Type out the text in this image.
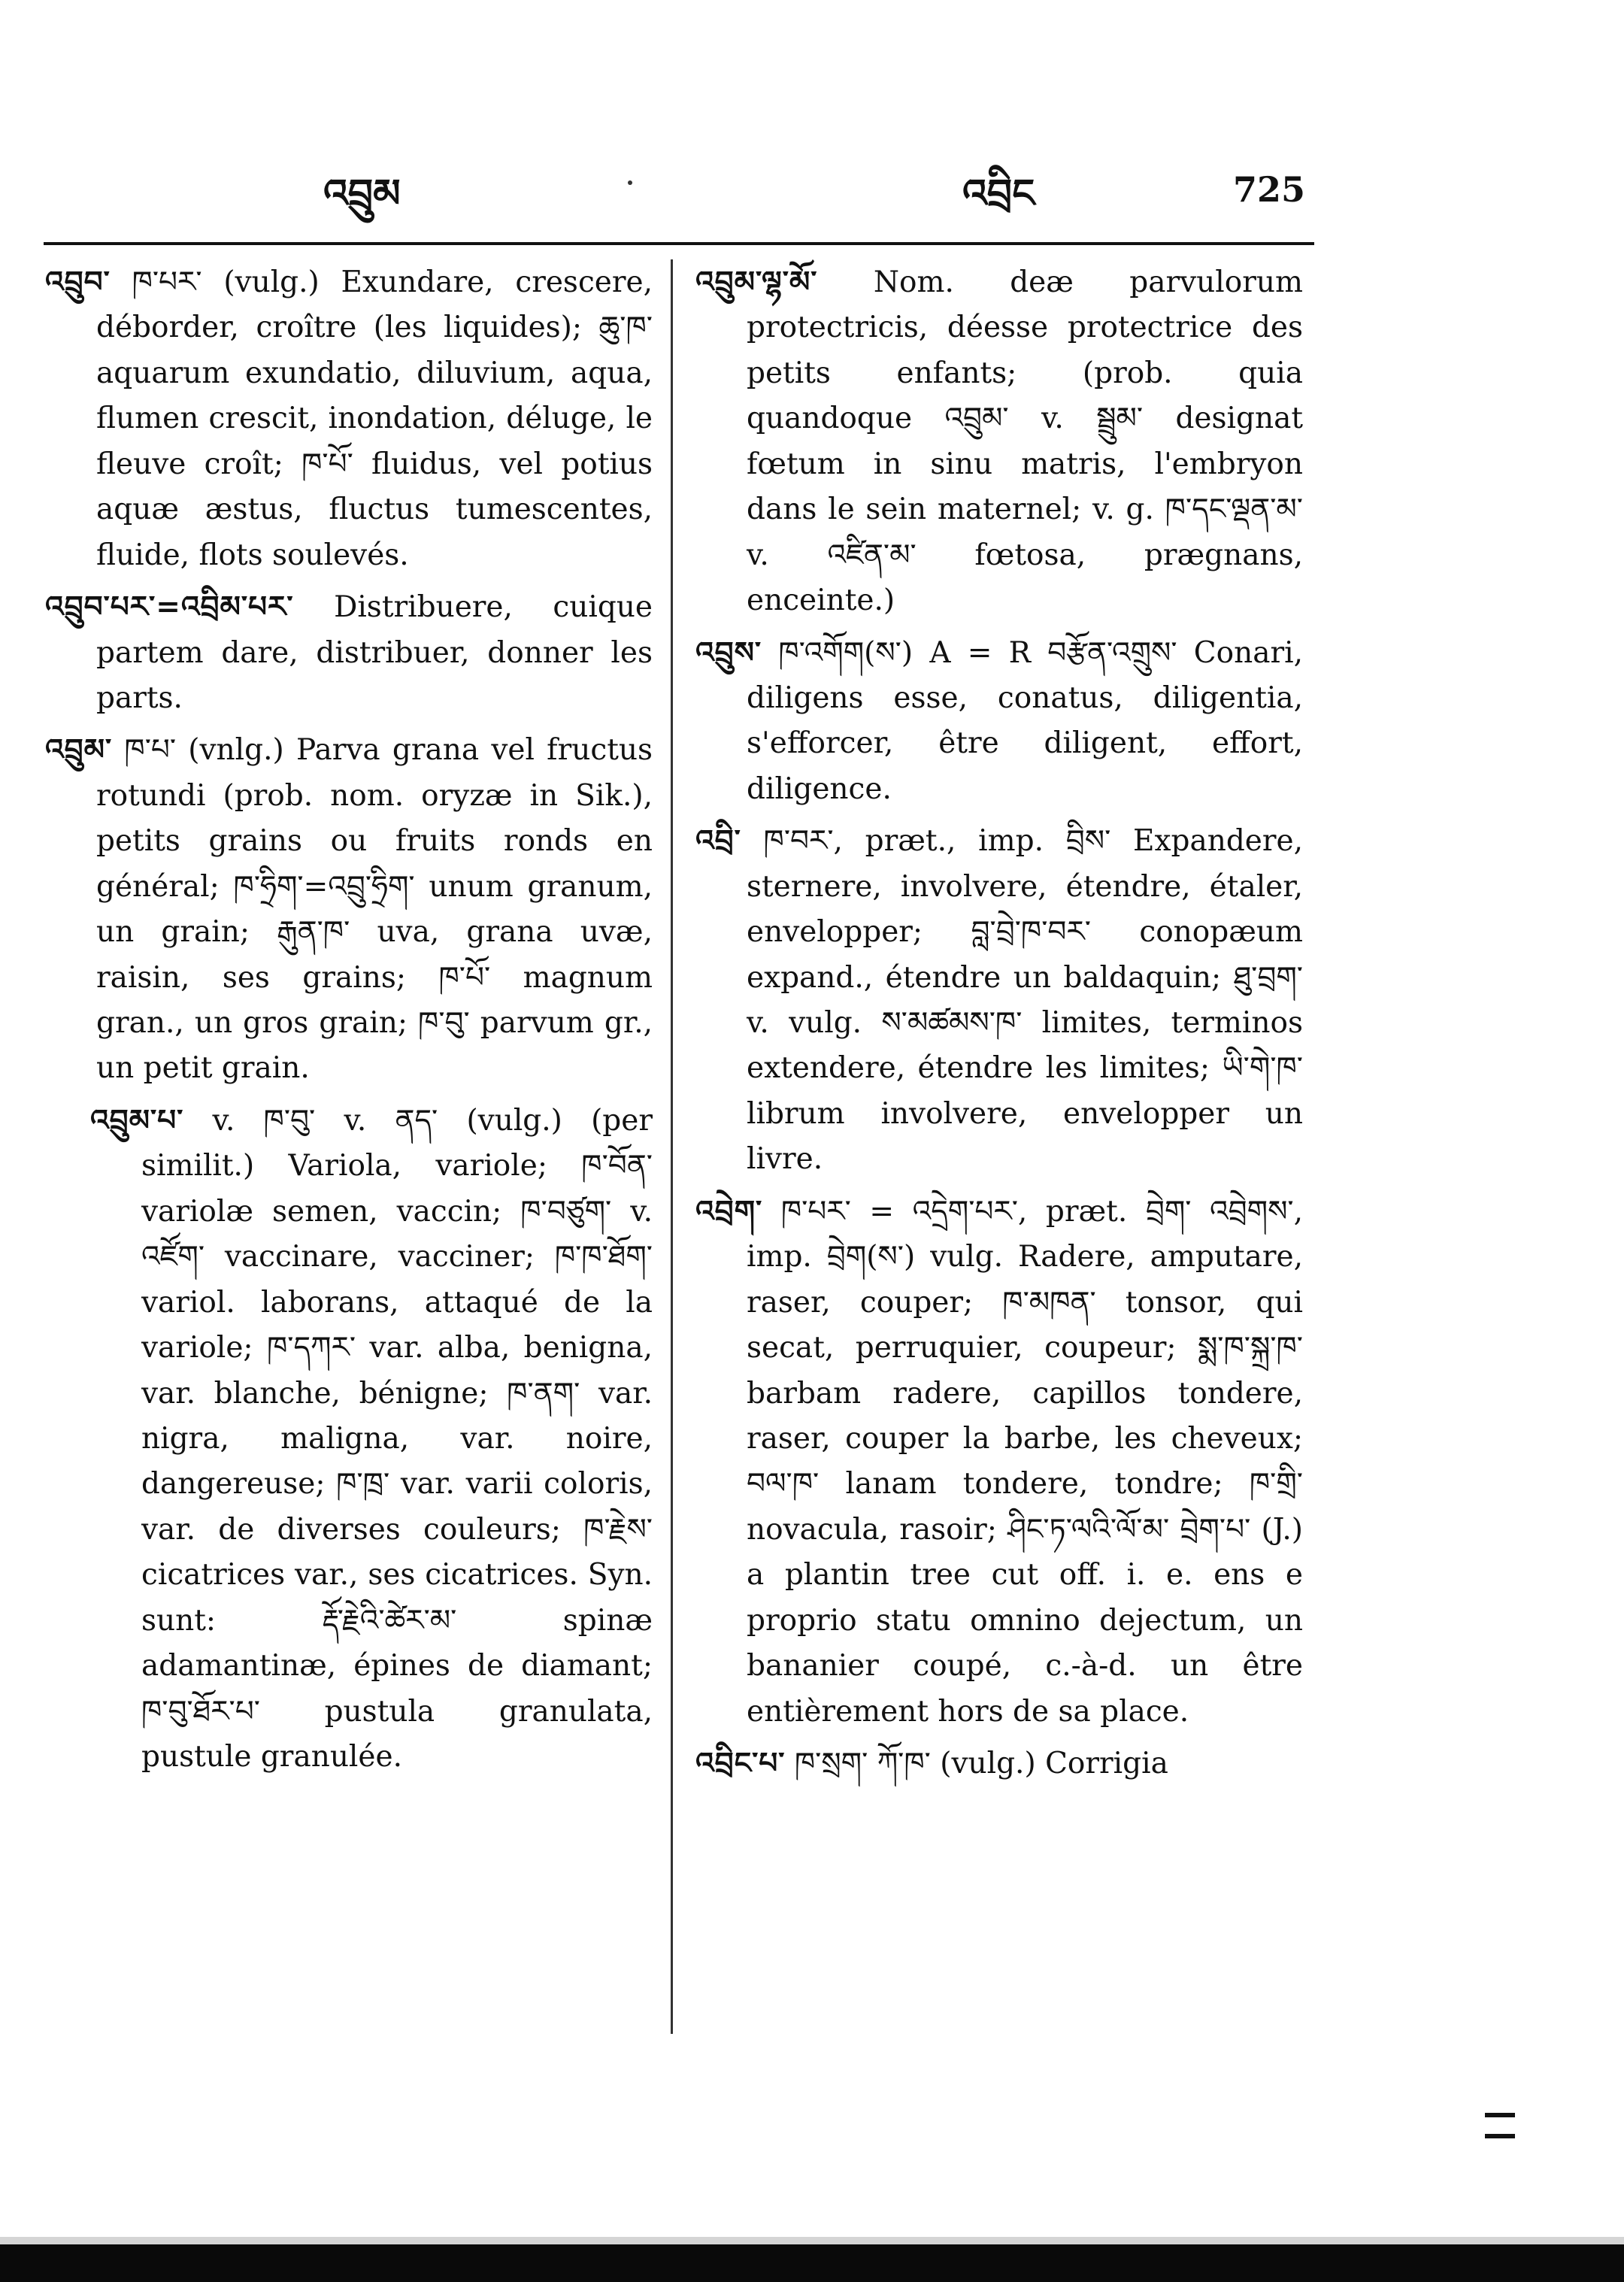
འབྲུམ	འབྲིང	725

འབྲུབ་ ཁ་པར་ (vulg.) Exundare, crescere, déborder, croître (les liquides); ཆུ་ཁ་ aquarum exundatio, diluvium, aqua, flumen crescit, inondation, déluge, le fleuve croît; ཁ་པོ་ fluidus, vel potius aquæ æstus, fluctus tumescentes, fluide, flots soulevés.

འབྲུབ་པར་=འབྲིམ་པར་ Distribuere, cuique partem dare, distribuer, donner les parts.

འབྲུམ་ ཁ་པ་ (vnlg.) Parva grana vel fructus rotundi (prob. nom. oryzæ in Sik.), petits grains ou fruits ronds en général; ཁ་ཧྲིག་=འབྲུ་ཧྲིག་ unum granum, un grain; རྒུན་ཁ་ uva, grana uvæ, raisin, ses grains; ཁ་པོ་ magnum gran., un gros grain; ཁ་བུ་ parvum gr., un petit grain.

འབྲུམ་པ་ v. ཁ་བུ་ v. ནད་ (vulg.) (per similit.) Variola, variole; ཁ་བོན་ variolæ semen, vaccin; ཁ་བཙུག་ v. འཛོག་ vaccinare, vacciner; ཁ་ཁ་ཐོག་ variol. laborans, attaqué de la variole; ཁ་དཀར་ var. alba, benigna, var. blanche, bénigne; ཁ་ནག་ var. nigra, maligna, var. noire, dangereuse; ཁ་ཁྲ་ var. varii coloris, var. de diverses couleurs; ཁ་རྗེས་ cicatrices var., ses cicatrices. Syn. sunt: རྡོ་རྗེའི་ཚེར་མ་ spinæ adamantinæ, épines de diamant; ཁ་བུ་ཐོར་པ་ pustula granulata, pustule granulée.

འབྲུམ་ལྷ་མོ་ Nom. deæ parvulorum protectricis, déesse protectrice des petits enfants; (prob. quia quandoque འབྲུམ་ v. སྦྲུམ་ designat fœtum in sinu matris, l'embryon dans le sein maternel; v. g. ཁ་དང་ལྡན་མ་ v. འཛིན་མ་ fœtosa, prægnans, enceinte.)

འབྲུས་ ཁ་འགོག(ས་) A = R བརྩོན་འགྲུས་ Conari, diligens esse, conatus, diligentia, s'efforcer, être diligent, effort, diligence.

འབྲི་ ཁ་བར་, præt., imp. བྲིས་ Expandere, sternere, involvere, étendre, étaler, envelopper; བླ་བྲེ་ཁ་བར་ conopæum expand., étendre un baldaquin; ཐུ་བྲག་ v. vulg. ས་མཚམས་ཁ་ limites, terminos extendere, étendre les limites; ཡི་གེ་ཁ་ librum involvere, envelopper un livre.

འབྲེག་ ཁ་པར་ = འདྲེག་པར་, præt. བྲེག་ འབྲེགས་, imp. བྲེག(ས་) vulg. Radere, amputare, raser, couper; ཁ་མཁན་ tonsor, qui secat, perruquier, coupeur; སྨ་ཁ་སྐྲ་ཁ་ barbam radere, capillos tondere, raser, couper la barbe, les cheveux; བལ་ཁ་ lanam tondere, tondre; ཁ་གྲི་ novacula, rasoir; ཤིང་ཏ་ལའི་ལོ་མ་ བྲེག་པ་ (J.) a plantin tree cut off. i. e. ens e proprio statu omnino dejectum, un bananier coupé, c.-à-d. un être entièrement hors de sa place.

འབྲིང་པ་ ཁ་སྲག་ ཀོ་ཁ་ (vulg.) Corrigia
